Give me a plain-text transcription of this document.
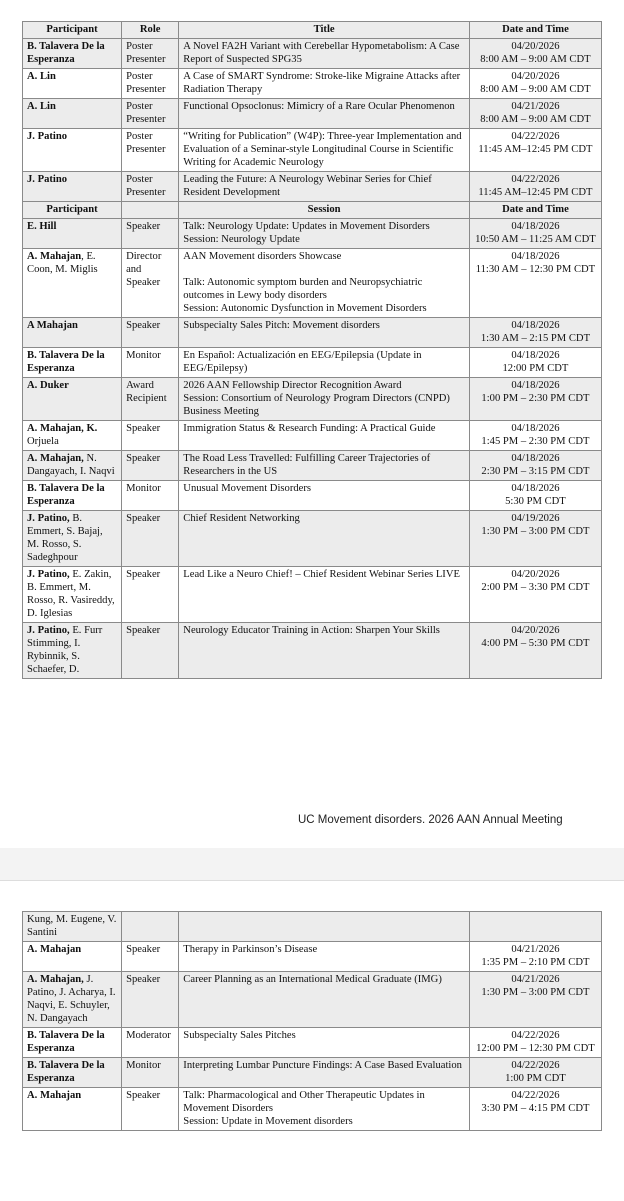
Participant	Role	Title	Date and Time
B. Talavera De la Esperanza	Poster Presenter	A Novel FA2H Variant with Cerebellar Hypometabolism: A Case Report of Suspected SPG35	04/20/2026
8:00 AM – 9:00 AM CDT

A. Lin	Poster Presenter	A Case of SMART Syndrome: Stroke-like Migraine Attacks after Radiation Therapy	04/20/2026
8:00 AM – 9:00 AM CDT

A. Lin	Poster Presenter	Functional Opsoclonus: Mimicry of a Rare Ocular Phenomenon	04/21/2026
8:00 AM – 9:00 AM CDT

J. Patino	Poster Presenter	“Writing for Publication” (W4P): Three-year Implementation and Evaluation of a Seminar-style Longitudinal Course in Scientific Writing for Academic Neurology	04/22/2026
11:45 AM–12:45 PM CDT

J. Patino	Poster Presenter	Leading the Future: A Neurology Webinar Series for Chief Resident Development	04/22/2026
11:45 AM–12:45 PM CDT

Participant		Session	Date and Time
E. Hill	Speaker	Talk: Neurology Update: Updates in Movement Disorders
Session: Neurology Update	04/18/2026
10:50 AM – 11:25 AM CDT

A. Mahajan, E. Coon, M. Miglis	Director and Speaker	AAN Movement disorders Showcase
Talk: Autonomic symptom burden and Neuropsychiatric outcomes in Lewy body disorders
Session: Autonomic Dysfunction in Movement Disorders	04/18/2026
11:30 AM – 12:30 PM CDT

A Mahajan	Speaker	Subspecialty Sales Pitch: Movement disorders	04/18/2026
1:30 AM – 2:15 PM CDT

B. Talavera De la Esperanza	Monitor	En Español: Actualización en EEG/Epilepsia (Update in EEG/Epilepsy)	04/18/2026
12:00 PM CDT

A. Duker	Award Recipient	2026 AAN Fellowship Director Recognition Award
Session: Consortium of Neurology Program Directors (CNPD) Business Meeting	04/18/2026
1:00 PM – 2:30 PM CDT

A. Mahajan, K. Orjuela	Speaker	Immigration Status & Research Funding: A Practical Guide	04/18/2026
1:45 PM – 2:30 PM CDT

A. Mahajan, N. Dangayach, I. Naqvi	Speaker	The Road Less Travelled: Fulfilling Career Trajectories of Researchers in the US	04/18/2026
2:30 PM – 3:15 PM CDT

B. Talavera De la Esperanza	Monitor	Unusual Movement Disorders	04/18/2026
5:30 PM CDT

J. Patino, B. Emmert, S. Bajaj, M. Rosso, S. Sadeghpour	Speaker	Chief Resident Networking	04/19/2026
1:30 PM – 3:00 PM CDT

J. Patino, E. Zakin, B. Emmert, M. Rosso, R. Vasireddy, D. Iglesias	Speaker	Lead Like a Neuro Chief! – Chief Resident Webinar Series LIVE	04/20/2026
2:00 PM – 3:30 PM CDT

J. Patino, E. Furr Stimming, I. Rybinnik, S. Schaefer, D.	Speaker	Neurology Educator Training in Action: Sharpen Your Skills	04/20/2026
4:00 PM – 5:30 PM CDT
UC Movement disorders. 2026 AAN Annual Meeting
Kung, M. Eugene, V. Santini		

A. Mahajan	Speaker	Therapy in Parkinson’s Disease	04/21/2026
1:35 PM – 2:10 PM CDT

A. Mahajan, J. Patino, J. Acharya, I. Naqvi, E. Schuyler, N. Dangayach	Speaker	Career Planning as an International Medical Graduate (IMG)	04/21/2026
1:30 PM – 3:00 PM CDT

B. Talavera De la Esperanza	Moderator	Subspecialty Sales Pitches	04/22/2026
12:00 PM – 12:30 PM CDT

B. Talavera De la Esperanza	Monitor	Interpreting Lumbar Puncture Findings: A Case Based Evaluation	04/22/2026
1:00 PM CDT

A. Mahajan	Speaker	Talk: Pharmacological and Other Therapeutic Updates in Movement Disorders
Session: Update in Movement disorders	04/22/2026
3:30 PM – 4:15 PM CDT
